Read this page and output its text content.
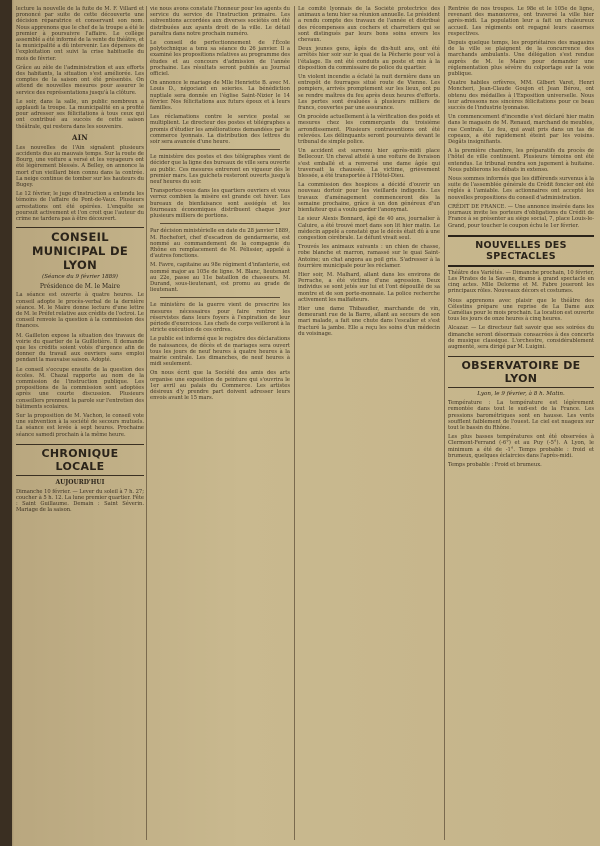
lecture la nouvelle de la fuite de M. F. Villard et prononcé par suite de cette découverte une décision réparatrice et conservant son nom. Nous apprenons que le chef de la troupe a été le premier à poursuivre l'affaire. Le collège assemblé a été informé de la vente du théâtre, et la municipalité a dû intervenir. Les dépenses de l'exploitation ont suivi la crise habituelle du mois de février.

Grâce au zèle de l'administration et aux efforts des habitants, la situation s'est améliorée. Les comptes de la saison ont été présentés. On attend de nouvelles mesures pour assurer le service des représentations jusqu'à la clôture.

Le soir, dans la salle, un public nombreux a applaudi la troupe. La municipalité en a profité pour adresser ses félicitations à tous ceux qui ont contribué au succès de cette saison théâtrale, qui restera dans les souvenirs.

AIN

Les nouvelles de l'Ain signalent plusieurs accidents dus au mauvais temps. Sur la route de Bourg, une voiture a versé et les voyageurs ont été légèrement blessés. A Belley, on annonce la mort d'un vieillard bien connu dans la contrée. La neige continue de tomber sur les hauteurs du Bugey.

Le 12 février, le juge d'instruction a entendu les témoins de l'affaire de Pont-de-Vaux. Plusieurs arrestations ont été opérées. L'enquête se poursuit activement et l'on croit que l'auteur du crime ne tardera pas à être découvert.

CONSEIL MUNICIPAL DE LYON
(Séance du 9 février 1889)
Présidence de M. le Maire

La séance est ouverte à quatre heures. Le conseil adopte le procès-verbal de la dernière séance. M. le Maire donne lecture d'une lettre de M. le Préfet relative aux crédits de l'octroi. Le conseil renvoie la question à la commission des finances.

M. Gailleton expose la situation des travaux de voirie du quartier de la Guillotière. Il demande que les crédits soient votés d'urgence afin de donner du travail aux ouvriers sans emploi pendant la mauvaise saison. Adopté.

Le conseil s'occupe ensuite de la question des écoles. M. Chazal rapporte au nom de la commission de l'instruction publique. Les propositions de la commission sont adoptées après une courte discussion. Plusieurs conseillers prennent la parole sur l'entretien des bâtiments scolaires.

Sur la proposition de M. Vachon, le conseil vote une subvention à la société de secours mutuels. La séance est levée à sept heures. Prochaine séance samedi prochain à la même heure.

CHRONIQUE LOCALE
AUJOURD'HUI

Dimanche 10 février. — Lever du soleil à 7 h. 27; coucher à 5 h. 12. La lune premier quartier. Fête : Saint Guillaume. Demain : Saint Séverin. Mariage de la saison.

vie nous avons constaté l'honneur pour les agents du service du service de l'instruction primaire. Les subventions accordées aux diverses sociétés ont été distribuées aux ayants droit de la ville. Le détail paraîtra dans notre prochain numéro.

Le conseil de perfectionnement de l'École polytechnique a tenu sa séance du 26 janvier. Il a examiné les propositions relatives au programme des études et au concours d'admission de l'année prochaine. Les résultats seront publiés au Journal officiel.

On annonce le mariage de Mlle Henriette B. avec M. Louis D., négociant en soieries. La bénédiction nuptiale sera donnée en l'église Saint-Nizier le 14 février. Nos félicitations aux futurs époux et à leurs familles.

Les réclamations contre le service postal se multiplient. Le directeur des postes et télégraphes a promis d'étudier les améliorations demandées par le commerce lyonnais. La distribution des lettres du soir sera avancée d'une heure.

Le ministère des postes et des télégraphes vient de décider que la ligne des bureaux de ville sera ouverte au public. Ces mesures entreront en vigueur dès le premier mars. Les guichets resteront ouverts jusqu'à neuf heures du soir.

Transportez-vous dans les quartiers ouvriers et vous verrez combien la misère est grande cet hiver. Les bureaux de bienfaisance sont assiégés et les fourneaux économiques distribuent chaque jour plusieurs milliers de portions.

Par décision ministérielle en date du 28 janvier 1889, M. Rochefort, chef d'escadron de gendarmerie, est nommé au commandement de la compagnie du Rhône en remplacement de M. Pélissier, appelé à d'autres fonctions.

M. Favre, capitaine au 98e régiment d'infanterie, est nommé major au 105e de ligne. M. Blanc, lieutenant au 22e, passe au 11e bataillon de chasseurs. M. Durand, sous-lieutenant, est promu au grade de lieutenant.

Le ministère de la guerre vient de prescrire les mesures nécessaires pour faire rentrer les réservistes dans leurs foyers à l'expiration de leur période d'exercices. Les chefs de corps veilleront à la stricte exécution de ces ordres.

Le public est informé que le registre des déclarations de naissances, de décès et de mariages sera ouvert tous les jours de neuf heures à quatre heures à la mairie centrale. Les dimanches, de neuf heures à midi seulement.

On nous écrit que la Société des amis des arts organise une exposition de peinture qui s'ouvrira le 1er avril au palais du Commerce. Les artistes désireux d'y prendre part doivent adresser leurs envois avant le 15 mars.

Le comité lyonnais de la Société protectrice des animaux a tenu hier sa réunion annuelle. Le président a rendu compte des travaux de l'année et distribué des récompenses aux cochers et charretiers qui se sont distingués par leurs bons soins envers les chevaux.

Deux jeunes gens, âgés de dix-huit ans, ont été arrêtés hier soir sur le quai de la Pêcherie pour vol à l'étalage. Ils ont été conduits au poste et mis à la disposition du commissaire de police du quartier.

Un violent incendie a éclaté la nuit dernière dans un entrepôt de fourrages situé route de Vienne. Les pompiers, arrivés promptement sur les lieux, ont pu se rendre maîtres du feu après deux heures d'efforts. Les pertes sont évaluées à plusieurs milliers de francs, couvertes par une assurance.

On procède actuellement à la vérification des poids et mesures chez les commerçants du troisième arrondissement. Plusieurs contraventions ont été relevées. Les délinquants seront poursuivis devant le tribunal de simple police.

Un accident est survenu hier après-midi place Bellecour. Un cheval attelé à une voiture de livraison s'est emballé et a renversé une dame âgée qui traversait la chaussée. La victime, grièvement blessée, a été transportée à l'Hôtel-Dieu.

La commission des hospices a décidé d'ouvrir un nouveau dortoir pour les vieillards indigents. Les travaux d'aménagement commenceront dès la semaine prochaine, grâce à un don généreux d'un bienfaiteur qui a voulu garder l'anonymat.

Le sieur Alexis Bonnard, âgé de 40 ans, journalier à Caluire, a été trouvé mort dans son lit hier matin. Le médecin appelé a constaté que le décès était dû à une congestion cérébrale. Le défunt vivait seul.

Trouvés les animaux suivants : un chien de chasse, robe blanche et marron, ramassé sur le quai Saint-Antoine; un chat angora au poil gris. S'adresser à la fourrière municipale pour les réclamer.

Hier soir, M. Malhard, allant dans les environs de Perrache, a été victime d'une agression. Deux individus se sont jetés sur lui et l'ont dépouillé de sa montre et de son porte-monnaie. La police recherche activement les malfaiteurs.

Hier une dame Thibaudier, marchande de vin, demeurant rue de la Barre, allant au secours de son mari malade, a fait une chute dans l'escalier et s'est fracturé la jambe. Elle a reçu les soins d'un médecin du voisinage.

Rentrée de nos troupes. Le 98e et le 105e de ligne, revenant des manœuvres, ont traversé la ville hier après-midi. La population leur a fait un chaleureux accueil. Les régiments ont regagné leurs casernes respectives.

Depuis quelque temps, les propriétaires des magasins de la ville se plaignent de la concurrence des marchands ambulants. Une délégation s'est rendue auprès de M. le Maire pour demander une réglementation plus sévère du colportage sur la voie publique.

Quatre habiles orfèvres, MM. Gilbert Varet, Henri Moncheri, Jean-Claude Goujon et Jean Bérou, ont obtenu des médailles à l'Exposition universelle. Nous leur adressons nos sincères félicitations pour ce beau succès de l'industrie lyonnaise.

Un commencement d'incendie s'est déclaré hier matin dans le magasin de M. Renaud, marchand de meubles, rue Centrale. Le feu, qui avait pris dans un tas de copeaux, a été rapidement éteint par les voisins. Dégâts insignifiants.

A la première chambre, les préparatifs du procès de l'hôtel de ville continuent. Plusieurs témoins ont été entendus. Le tribunal rendra son jugement à huitaine. Nous publierons les débats in extenso.

Nous sommes informés que les différends survenus à la suite de l'assemblée générale du Crédit foncier ont été réglés à l'amiable. Les actionnaires ont accepté les nouvelles propositions du conseil d'administration.

CRÉDIT DE FRANCE. — Une annonce insérée dans les journaux invite les porteurs d'obligations du Crédit de France à se présenter au siège social, 7, place Louis-le-Grand, pour toucher le coupon échu le 1er février.

NOUVELLES DES SPECTACLES

Théâtre des Variétés. — Dimanche prochain, 10 février, Les Pirates de la Savane, drame à grand spectacle en cinq actes. Mlle Delorme et M. Fabre joueront les principaux rôles. Nouveaux décors et costumes.

Nous apprenons avec plaisir que le théâtre des Célestins prépare une reprise de La Dame aux Camélias pour le mois prochain. La location est ouverte tous les jours de onze heures à cinq heures.

Alcazar. — Le directeur fait savoir que ses soirées du dimanche seront désormais consacrées à des concerts de musique classique. L'orchestre, considérablement augmenté, sera dirigé par M. Luigini.

OBSERVATOIRE DE LYON
Lyon, le 9 février, à 8 h. Matin.

Température : La température est légèrement remontée dans tout le sud-est de la France. Les pressions barométriques sont en hausse. Les vents soufflent faiblement de l'ouest. Le ciel est nuageux sur tout le bassin du Rhône.

Les plus basses températures ont été observées à Clermont-Ferrand (-6°) et au Puy (-5°). A Lyon, le minimum a été de -1°. Temps probable : froid et brumeux, quelques éclaircies dans l'après-midi.

Temps probable : Froid et brumeux.
